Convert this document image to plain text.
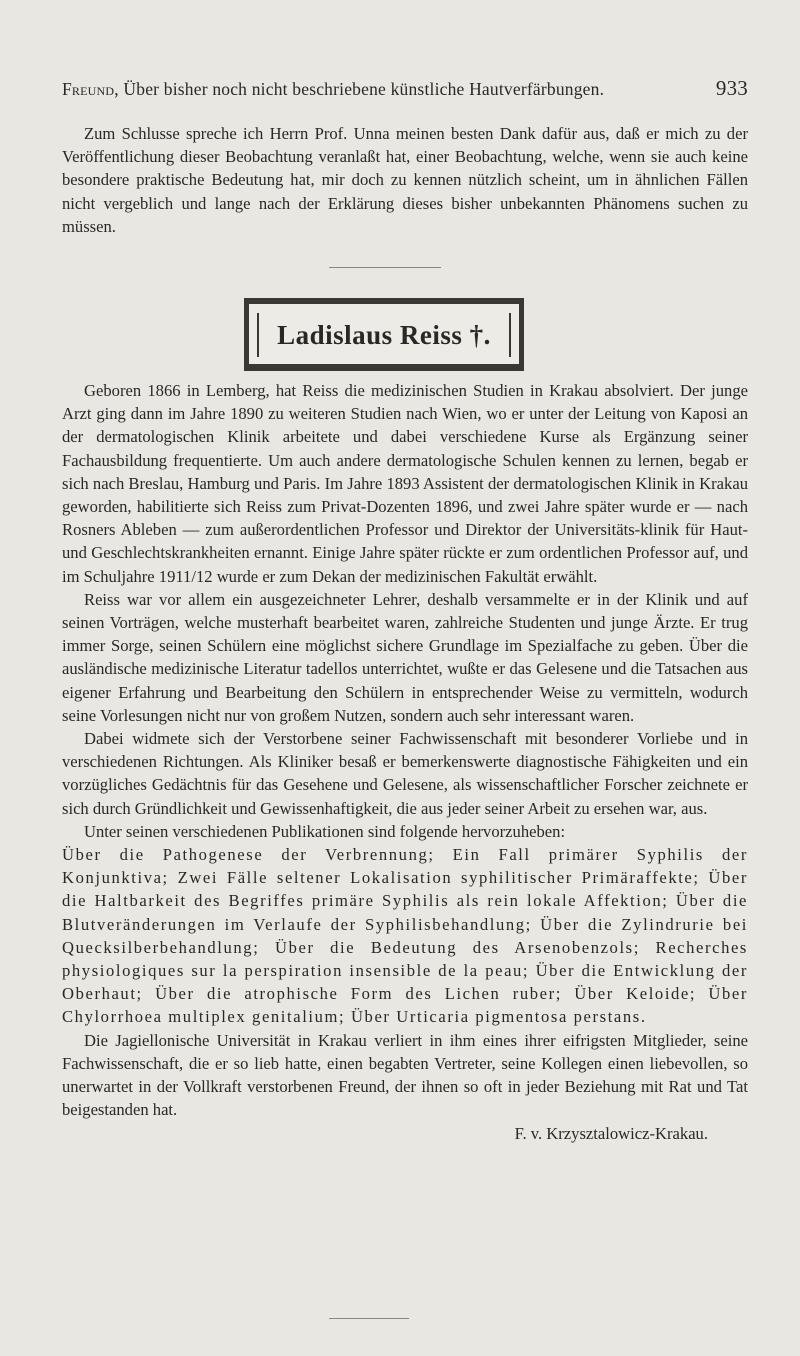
Freund, Über bisher noch nicht beschriebene künstliche Hautverfärbungen.	933

Zum Schlusse spreche ich Herrn Prof. Unna meinen besten Dank dafür aus, daß er mich zu der Veröffentlichung dieser Beobachtung veranlaßt hat, einer Beobachtung, welche, wenn sie auch keine besondere praktische Bedeutung hat, mir doch zu kennen nützlich scheint, um in ähnlichen Fällen nicht vergeblich und lange nach der Erklärung dieses bisher unbekannten Phänomens suchen zu müssen.

Ladislaus Reiss †.

Geboren 1866 in Lemberg, hat Reiss die medizinischen Studien in Krakau absolviert. Der junge Arzt ging dann im Jahre 1890 zu weiteren Studien nach Wien, wo er unter der Leitung von Kaposi an der dermatologischen Klinik arbeitete und dabei verschiedene Kurse als Ergänzung seiner Fachausbildung frequentierte. Um auch andere dermatologische Schulen kennen zu lernen, begab er sich nach Breslau, Hamburg und Paris. Im Jahre 1893 Assistent der dermatologischen Klinik in Krakau geworden, habilitierte sich Reiss zum Privat-Dozenten 1896, und zwei Jahre später wurde er — nach Rosners Ableben — zum außerordentlichen Professor und Direktor der Universitäts-klinik für Haut- und Geschlechtskrankheiten ernannt. Einige Jahre später rückte er zum ordentlichen Professor auf, und im Schuljahre 1911/12 wurde er zum Dekan der medizinischen Fakultät erwählt.

Reiss war vor allem ein ausgezeichneter Lehrer, deshalb versammelte er in der Klinik und auf seinen Vorträgen, welche musterhaft bearbeitet waren, zahlreiche Studenten und junge Ärzte. Er trug immer Sorge, seinen Schülern eine möglichst sichere Grundlage im Spezialfache zu geben. Über die ausländische medizinische Literatur tadellos unterrichtet, wußte er das Gelesene und die Tatsachen aus eigener Erfahrung und Bearbeitung den Schülern in entsprechender Weise zu vermitteln, wodurch seine Vorlesungen nicht nur von großem Nutzen, sondern auch sehr interessant waren.

Dabei widmete sich der Verstorbene seiner Fachwissenschaft mit besonderer Vorliebe und in verschiedenen Richtungen. Als Kliniker besaß er bemerkenswerte diagnostische Fähigkeiten und ein vorzügliches Gedächtnis für das Gesehene und Gelesene, als wissenschaftlicher Forscher zeichnete er sich durch Gründlichkeit und Gewissenhaftigkeit, die aus jeder seiner Arbeit zu ersehen war, aus.

Unter seinen verschiedenen Publikationen sind folgende hervorzuheben:

Über die Pathogenese der Verbrennung; Ein Fall primärer Syphilis der Konjunktiva; Zwei Fälle seltener Lokalisation syphilitischer Primäraffekte; Über die Haltbarkeit des Begriffes primäre Syphilis als rein lokale Affektion; Über die Blutveränderungen im Verlaufe der Syphilisbehandlung; Über die Zylindrurie bei Quecksilberbehandlung; Über die Bedeutung des Arsenobenzols; Recherches physiologiques sur la perspiration insensible de la peau; Über die Entwicklung der Oberhaut; Über die atrophische Form des Lichen ruber; Über Keloide; Über Chylorrhoea multiplex genitalium; Über Urticaria pigmentosa perstans.

Die Jagiellonische Universität in Krakau verliert in ihm eines ihrer eifrigsten Mitglieder, seine Fachwissenschaft, die er so lieb hatte, einen begabten Vertreter, seine Kollegen einen liebevollen, so unerwartet in der Vollkraft verstorbenen Freund, der ihnen so oft in jeder Beziehung mit Rat und Tat beigestanden hat.

F. v. Krzysztalowicz-Krakau.
